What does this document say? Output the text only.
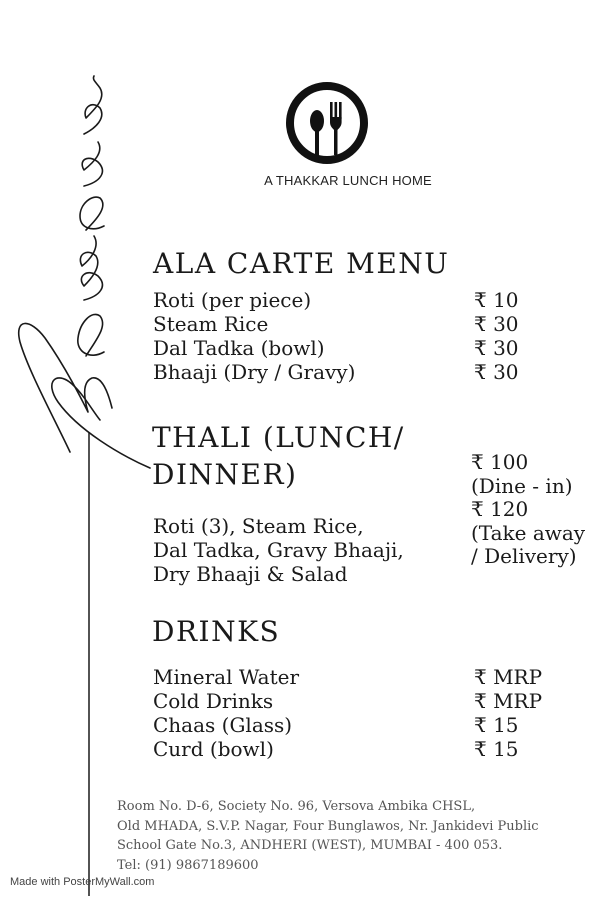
A THAKKAR LUNCH HOME
ALA CARTE MENU
Roti (per piece)
Steam Rice
Dal Tadka (bowl)
Bhaaji (Dry / Gravy)
₹ 10
₹ 30
₹ 30
₹ 30
THALI (LUNCH/
DINNER)
Roti (3), Steam Rice,
Dal Tadka, Gravy Bhaaji,
Dry Bhaaji & Salad
₹ 100
(Dine - in)
₹ 120
(Take away
/ Delivery)
DRINKS
Mineral Water
Cold Drinks
Chaas (Glass)
Curd (bowl)
₹ MRP
₹ MRP
₹ 15
₹ 15
Room No. D-6, Society No. 96, Versova Ambika CHSL,
Old MHADA, S.V.P. Nagar, Four Bunglawos, Nr. Jankidevi Public
School Gate No.3, ANDHERI (WEST), MUMBAI - 400 053.
Tel: (91) 9867189600
Made with PosterMyWall.com
